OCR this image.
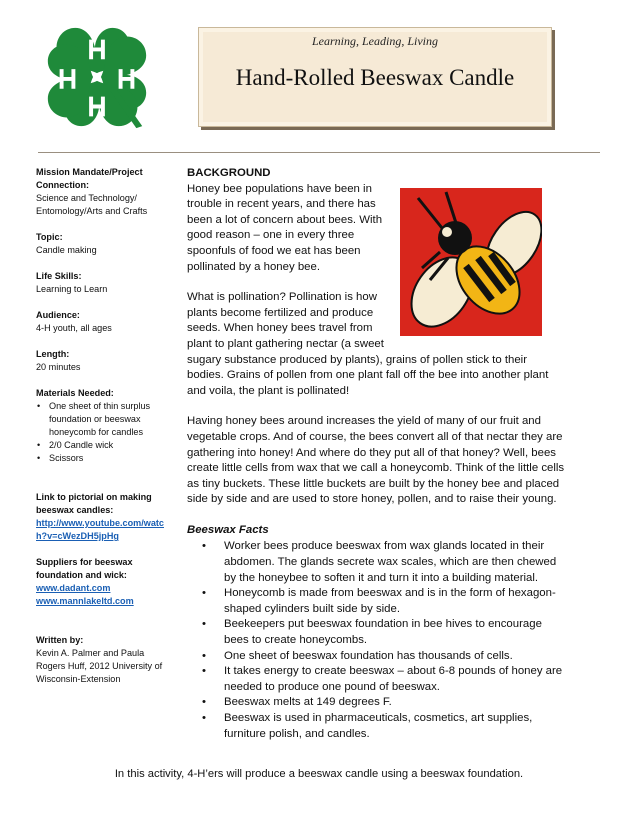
Learning, Leading, Living
Hand-Rolled Beeswax Candle
Mission Mandate/Project Connection:
Science and Technology/ Entomology/Arts and Crafts
Topic:
Candle making
Life Skills:
Learning to Learn
Audience:
4-H youth, all ages
Length:
20 minutes
Materials Needed:
• One sheet of thin surplus foundation or beeswax honeycomb for candles
• 2/0 Candle wick
• Scissors
Link to pictorial on making beeswax candles:
http://www.youtube.com/watch?v=cWezDH5jpHg
Suppliers for beeswax foundation and wick:
www.dadant.com
www.mannlakeltd.com
Written by:
Kevin A. Palmer and Paula Rogers Huff, 2012 University of Wisconsin-Extension

BACKGROUND
Honey bee populations have been in trouble in recent years, and there has been a lot of concern about bees. With good reason – one in every three spoonfuls of food we eat has been pollinated by a honey bee.

What is pollination? Pollination is how plants become fertilized and produce seeds. When honey bees travel from plant to plant gathering nectar (a sweet
sugary substance produced by plants), grains of pollen stick to their bodies. Grains of pollen from one plant fall off the bee into another plant and voila, the plant is pollinated!

Having honey bees around increases the yield of many of our fruit and vegetable crops. And of course, the bees convert all of that nectar they are gathering into honey! And where do they put all of that honey? Well, bees create little cells from wax that we call a honeycomb. Think of the little cells as tiny buckets. These little buckets are built by the honey bee and placed side by side and are used to store honey, pollen, and to raise their young.

Beeswax Facts
• Worker bees produce beeswax from wax glands located in their abdomen. The glands secrete wax scales, which are then chewed by the honeybee to soften it and turn it into a building material.
• Honeycomb is made from beeswax and is in the form of hexagon-shaped cylinders built side by side.
• Beekeepers put beeswax foundation in bee hives to encourage bees to create honeycombs.
• One sheet of beeswax foundation has thousands of cells.
• It takes energy to create beeswax – about 6-8 pounds of honey are needed to produce one pound of beeswax.
• Beeswax melts at 149 degrees F.
• Beeswax is used in pharmaceuticals, cosmetics, art supplies, furniture polish, and candles.
In this activity, 4-H’ers will produce a beeswax candle using a beeswax foundation.
